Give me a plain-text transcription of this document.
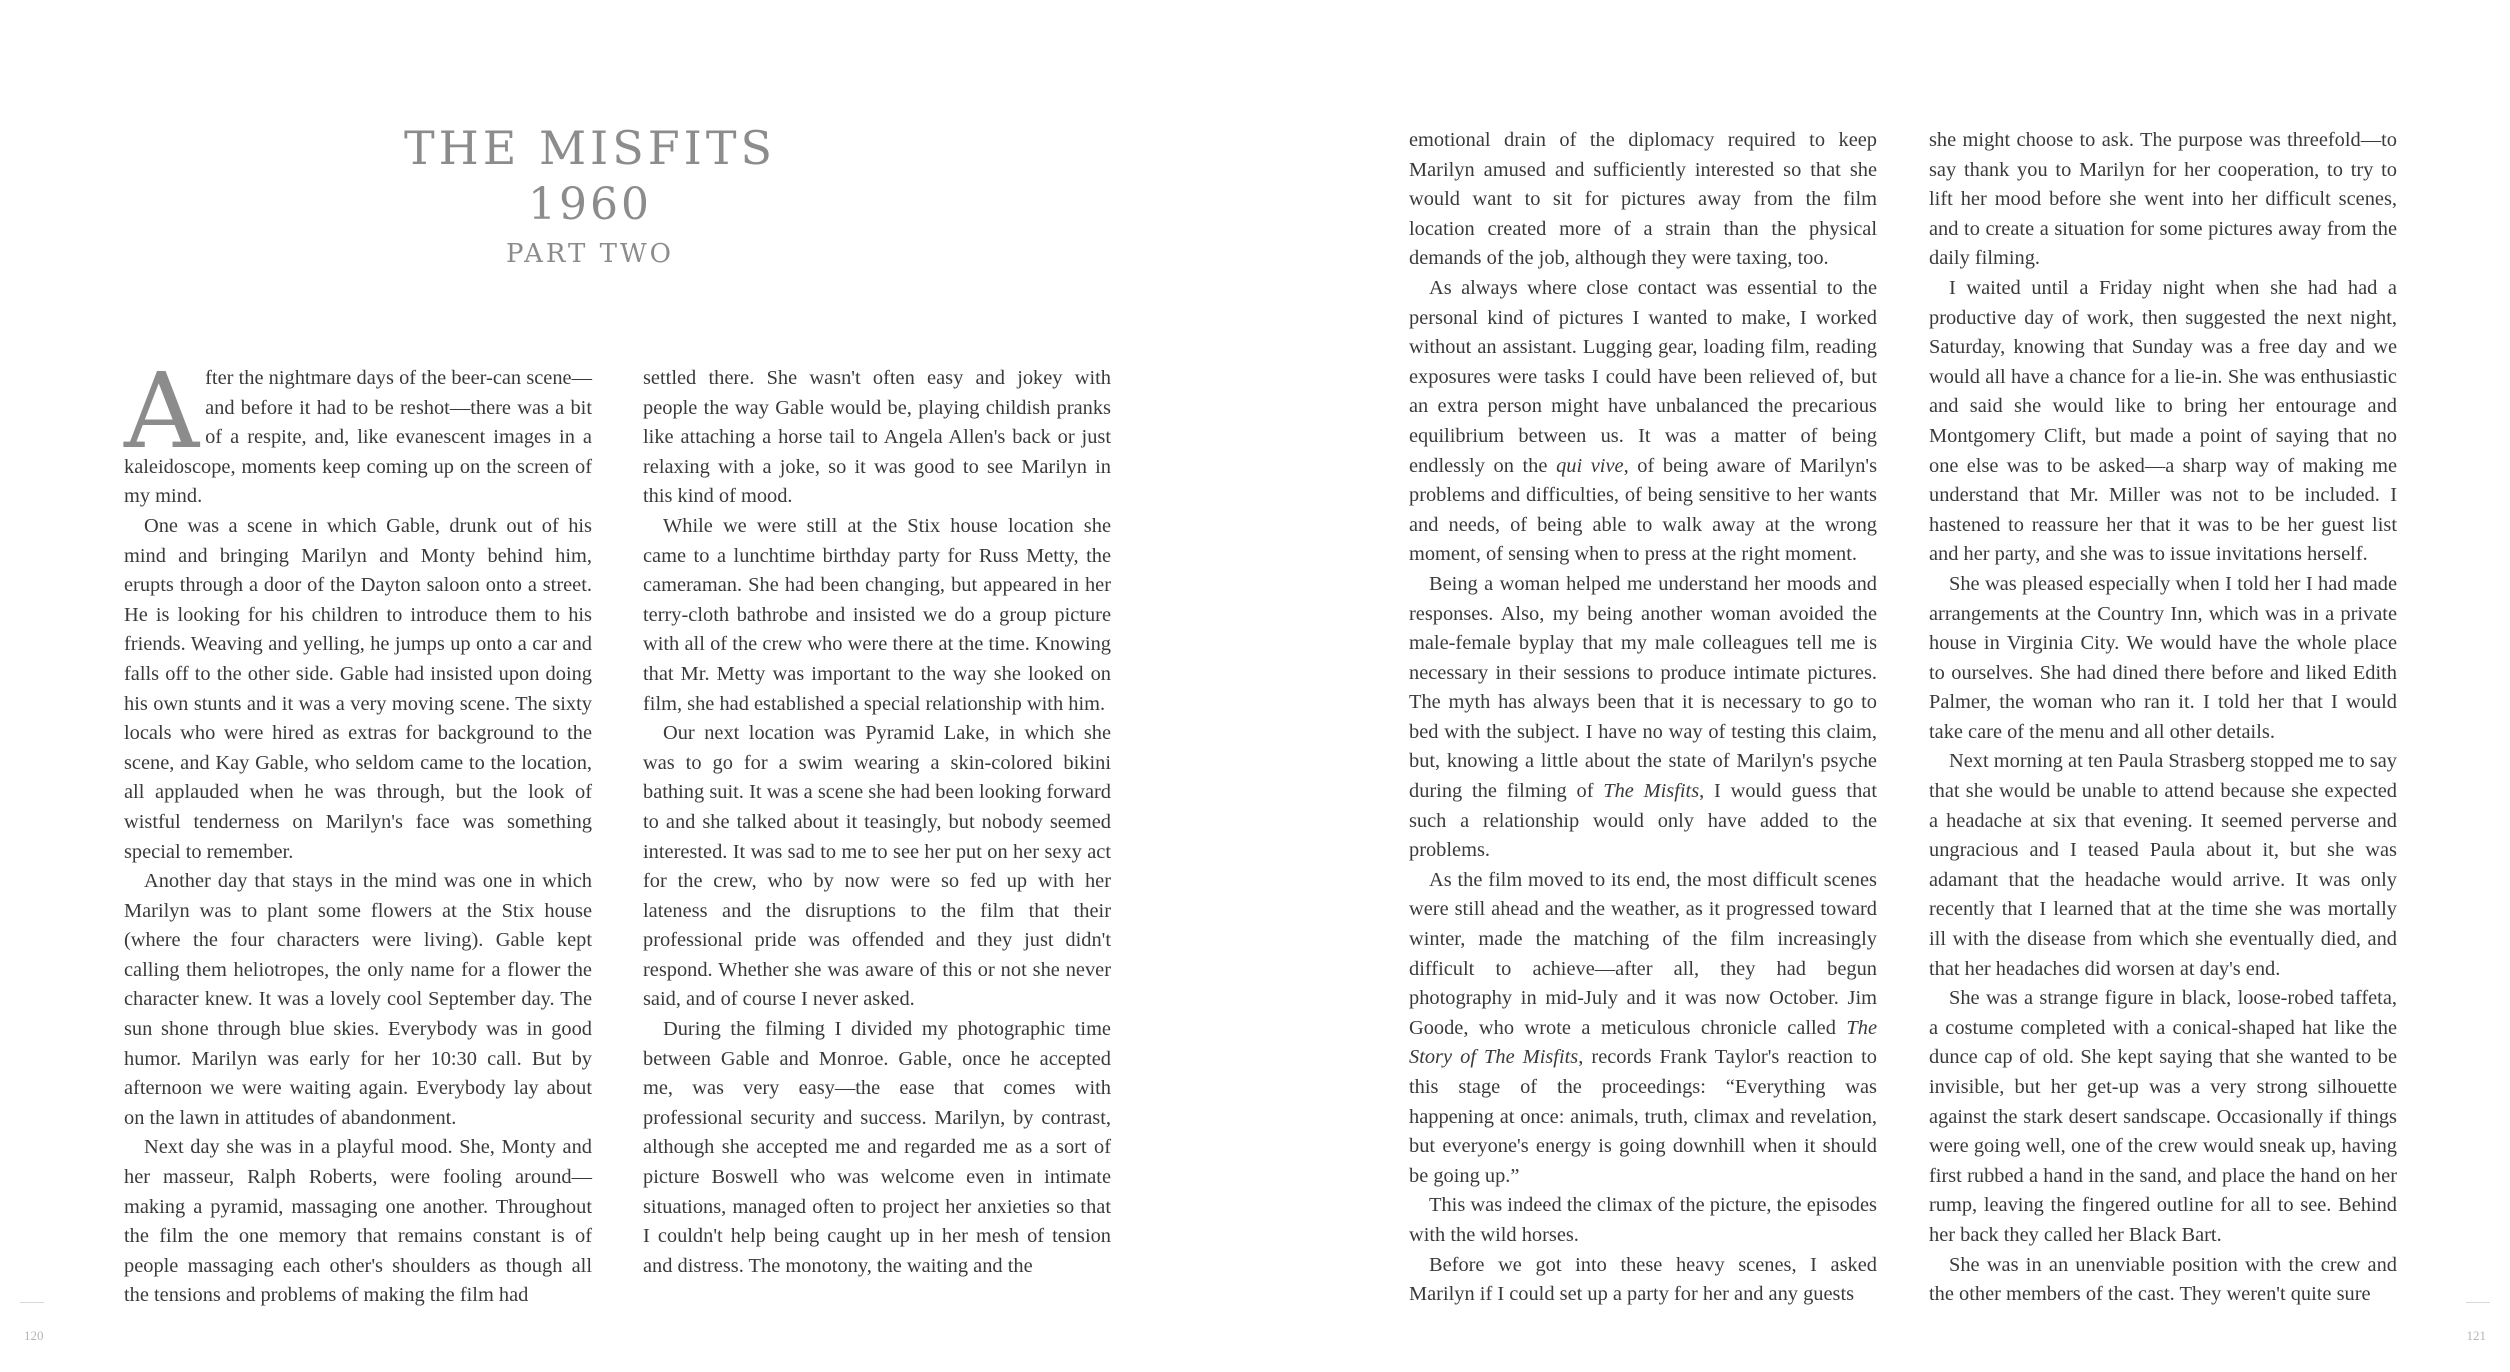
THE MISFITS
1960
PART TWO

After the nightmare days of the beer-can scene—and before it had to be reshot—there was a bit of a respite, and, like evanescent images in a kaleidoscope, moments keep coming up on the screen of my mind.

One was a scene in which Gable, drunk out of his mind and bringing Marilyn and Monty behind him, erupts through a door of the Dayton saloon onto a street. He is looking for his children to introduce them to his friends. Weaving and yelling, he jumps up onto a car and falls off to the other side. Gable had insisted upon doing his own stunts and it was a very moving scene. The sixty locals who were hired as extras for background to the scene, and Kay Gable, who seldom came to the location, all applauded when he was through, but the look of wistful tenderness on Marilyn's face was something special to remember.

Another day that stays in the mind was one in which Marilyn was to plant some flowers at the Stix house (where the four characters were living). Gable kept calling them heliotropes, the only name for a flower the character knew. It was a lovely cool September day. The sun shone through blue skies. Everybody was in good humor. Marilyn was early for her 10:30 call. But by afternoon we were waiting again. Everybody lay about on the lawn in attitudes of abandonment.

Next day she was in a playful mood. She, Monty and her masseur, Ralph Roberts, were fooling around—making a pyramid, massaging one another. Throughout the film the one memory that remains constant is of people massaging each other's shoulders as though all the tensions and problems of making the film had

settled there. She wasn't often easy and jokey with people the way Gable would be, playing childish pranks like attaching a horse tail to Angela Allen's back or just relaxing with a joke, so it was good to see Marilyn in this kind of mood.

While we were still at the Stix house location she came to a lunchtime birthday party for Russ Metty, the cameraman. She had been changing, but appeared in her terry-cloth bathrobe and insisted we do a group picture with all of the crew who were there at the time. Knowing that Mr. Metty was important to the way she looked on film, she had established a special relationship with him.

Our next location was Pyramid Lake, in which she was to go for a swim wearing a skin-colored bikini bathing suit. It was a scene she had been looking forward to and she talked about it teasingly, but nobody seemed interested. It was sad to me to see her put on her sexy act for the crew, who by now were so fed up with her lateness and the disruptions to the film that their professional pride was offended and they just didn't respond. Whether she was aware of this or not she never said, and of course I never asked.

During the filming I divided my photographic time between Gable and Monroe. Gable, once he accepted me, was very easy—the ease that comes with professional security and success. Marilyn, by contrast, although she accepted me and regarded me as a sort of picture Boswell who was welcome even in intimate situations, managed often to project her anxieties so that I couldn't help being caught up in her mesh of tension and distress. The monotony, the waiting and the

emotional drain of the diplomacy required to keep Marilyn amused and sufficiently interested so that she would want to sit for pictures away from the film location created more of a strain than the physical demands of the job, although they were taxing, too.

As always where close contact was essential to the personal kind of pictures I wanted to make, I worked without an assistant. Lugging gear, loading film, reading exposures were tasks I could have been relieved of, but an extra person might have unbalanced the precarious equilibrium between us. It was a matter of being endlessly on the qui vive, of being aware of Marilyn's problems and difficulties, of being sensitive to her wants and needs, of being able to walk away at the wrong moment, of sensing when to press at the right moment.

Being a woman helped me understand her moods and responses. Also, my being another woman avoided the male-female byplay that my male colleagues tell me is necessary in their sessions to produce intimate pictures. The myth has always been that it is necessary to go to bed with the subject. I have no way of testing this claim, but, knowing a little about the state of Marilyn's psyche during the filming of The Misfits, I would guess that such a relationship would only have added to the problems.

As the film moved to its end, the most difficult scenes were still ahead and the weather, as it progressed toward winter, made the matching of the film increasingly difficult to achieve—after all, they had begun photography in mid-July and it was now October. Jim Goode, who wrote a meticulous chronicle called The Story of The Misfits, records Frank Taylor's reaction to this stage of the proceedings: “Everything was happening at once: animals, truth, climax and revelation, but everyone's energy is going downhill when it should be going up.”

This was indeed the climax of the picture, the episodes with the wild horses.

Before we got into these heavy scenes, I asked Marilyn if I could set up a party for her and any guests

she might choose to ask. The purpose was threefold—to say thank you to Marilyn for her cooperation, to try to lift her mood before she went into her difficult scenes, and to create a situation for some pictures away from the daily filming.

I waited until a Friday night when she had had a productive day of work, then suggested the next night, Saturday, knowing that Sunday was a free day and we would all have a chance for a lie-in. She was enthusiastic and said she would like to bring her entourage and Montgomery Clift, but made a point of saying that no one else was to be asked—a sharp way of making me understand that Mr. Miller was not to be included. I hastened to reassure her that it was to be her guest list and her party, and she was to issue invitations herself.

She was pleased especially when I told her I had made arrangements at the Country Inn, which was in a private house in Virginia City. We would have the whole place to ourselves. She had dined there before and liked Edith Palmer, the woman who ran it. I told her that I would take care of the menu and all other details.

Next morning at ten Paula Strasberg stopped me to say that she would be unable to attend because she expected a headache at six that evening. It seemed perverse and ungracious and I teased Paula about it, but she was adamant that the headache would arrive. It was only recently that I learned that at the time she was mortally ill with the disease from which she eventually died, and that her headaches did worsen at day's end.

She was a strange figure in black, loose-robed taffeta, a costume completed with a conical-shaped hat like the dunce cap of old. She kept saying that she wanted to be invisible, but her get-up was a very strong silhouette against the stark desert sandscape. Occasionally if things were going well, one of the crew would sneak up, having first rubbed a hand in the sand, and place the hand on her rump, leaving the fingered outline for all to see. Behind her back they called her Black Bart.

She was in an unenviable position with the crew and the other members of the cast. They weren't quite sure

120	121
